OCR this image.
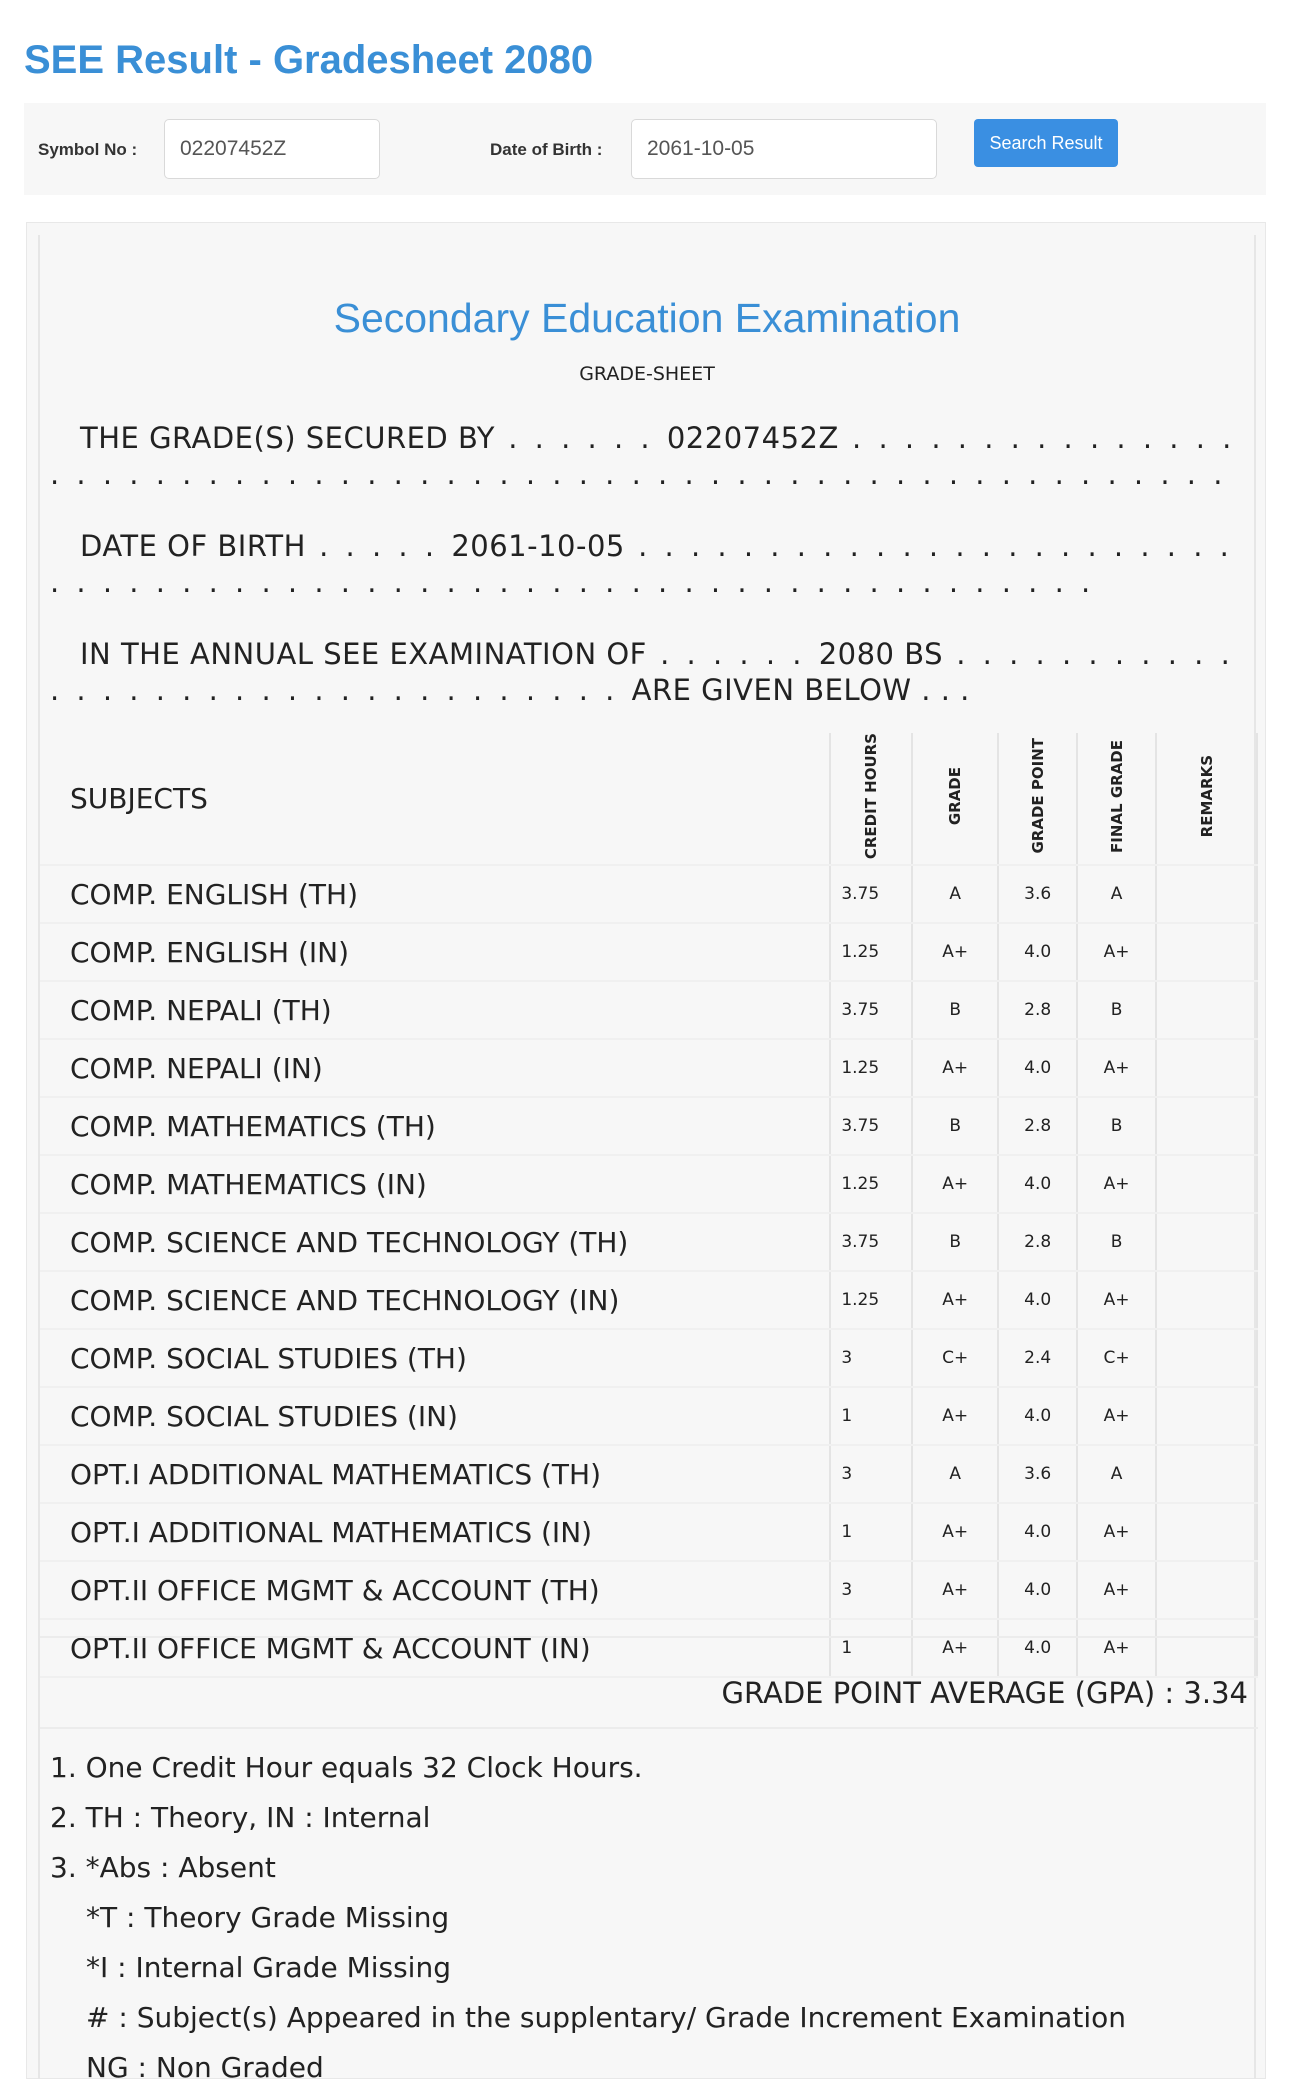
SEE Result - Gradesheet 2080
Symbol No :	02207452Z	Date of Birth :	2061-10-05	Search Result
Secondary Education Examination
GRADE-SHEET
THE GRADE(S) SECURED BY . . . . . . 02207452Z . . . . . . . . . . . . . . . . . . . . . . . . . . . . . . . . . . . . . . . . . . . . . . . . . . . . . . . . . . . .
DATE OF BIRTH . . . . . 2061-10-05 . . . . . . . . . . . . . . . . . . . . . . . . . . . . . . . . . . . . . . . . . . . . . . . . . . . . . . . . . . . . . . .
IN THE ANNUAL SEE EXAMINATION OF . . . . . . 2080 BS . . . . . . . . . . . . . . . . . . . . . . . . . . . . . . . . . ARE GIVEN BELOW . . .
SUBJECTS	CREDIT HOURS	GRADE	GRADE POINT	FINAL GRADE	REMARKS
COMP. ENGLISH (TH)	3.75	A	3.6	A	
COMP. ENGLISH (IN)	1.25	A+	4.0	A+	
COMP. NEPALI (TH)	3.75	B	2.8	B	
COMP. NEPALI (IN)	1.25	A+	4.0	A+	
COMP. MATHEMATICS (TH)	3.75	B	2.8	B	
COMP. MATHEMATICS (IN)	1.25	A+	4.0	A+	
COMP. SCIENCE AND TECHNOLOGY (TH)	3.75	B	2.8	B	
COMP. SCIENCE AND TECHNOLOGY (IN)	1.25	A+	4.0	A+	
COMP. SOCIAL STUDIES (TH)	3	C+	2.4	C+	
COMP. SOCIAL STUDIES (IN)	1	A+	4.0	A+	
OPT.I ADDITIONAL MATHEMATICS (TH)	3	A	3.6	A	
OPT.I ADDITIONAL MATHEMATICS (IN)	1	A+	4.0	A+	
OPT.II OFFICE MGMT & ACCOUNT (TH)	3	A+	4.0	A+	
OPT.II OFFICE MGMT & ACCOUNT (IN)	1	A+	4.0	A+	
GRADE POINT AVERAGE (GPA) : 3.34
1. One Credit Hour equals 32 Clock Hours.
2. TH : Theory, IN : Internal
3. *Abs : Absent
*T : Theory Grade Missing
*I : Internal Grade Missing
# : Subject(s) Appeared in the supplentary/ Grade Increment Examination
NG : Non Graded
